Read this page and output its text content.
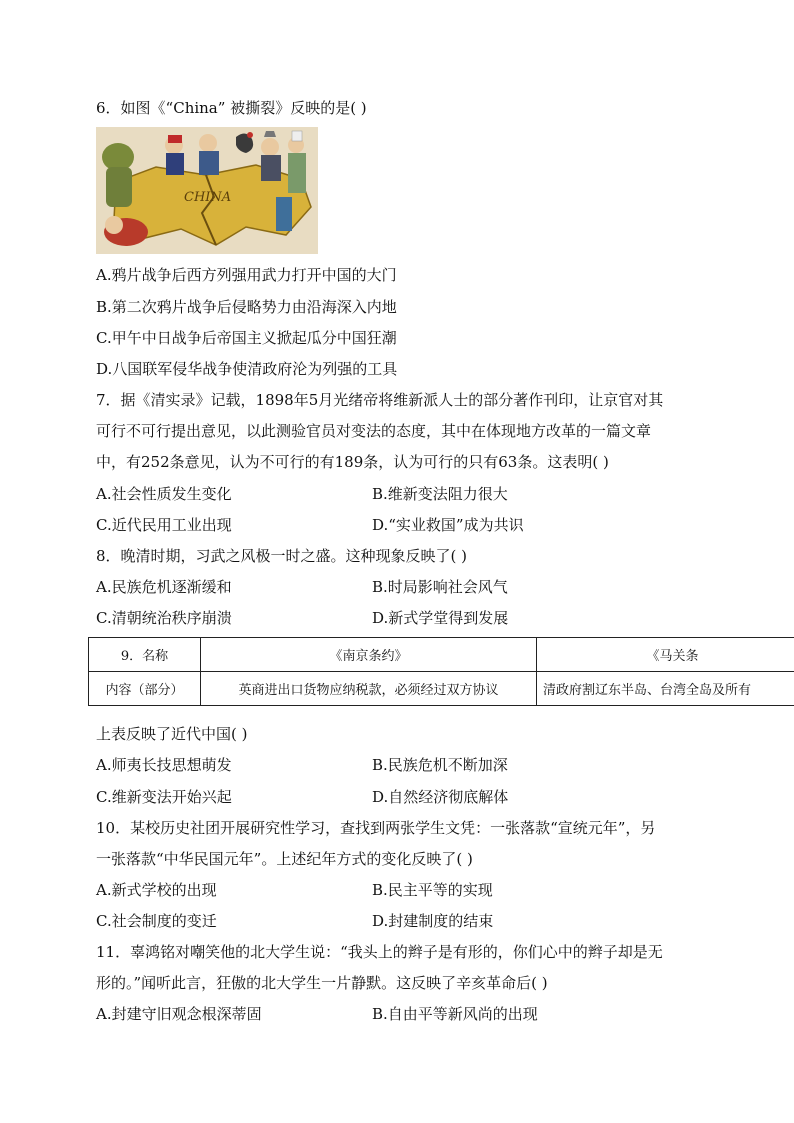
6．如图《“China” 被撕裂》反映的是( )
CHINA
A.鸦片战争后西方列强用武力打开中国的大门
B.第二次鸦片战争后侵略势力由沿海深入内地
C.甲午中日战争后帝国主义掀起瓜分中国狂潮
D.八国联军侵华战争使清政府沦为列强的工具
7．据《清实录》记载，1898年5月光绪帝将维新派人士的部分著作刊印，让京官对其
可行不可行提出意见，以此测验官员对变法的态度，其中在体现地方改革的一篇文章
中，有252条意见，认为不可行的有189条，认为可行的只有63条。这表明( )
A.社会性质发生变化	B.维新变法阻力很大
C.近代民用工业出现	D.“实业救国”成为共识
8．晚清时期，习武之风极一时之盛。这种现象反映了( )
A.民族危机逐渐缓和	B.时局影响社会风气
C.清朝统治秩序崩溃	D.新式学堂得到发展
9．名称	《南京条约》	《马关条
内容（部分）	英商进出口货物应纳税款，必须经过双方协议	清政府割辽东半岛、台湾全岛及所有
上表反映了近代中国( )
A.师夷长技思想萌发	B.民族危机不断加深
C.维新变法开始兴起	D.自然经济彻底解体
10．某校历史社团开展研究性学习，查找到两张学生文凭：一张落款“宣统元年”，另
一张落款“中华民国元年”。上述纪年方式的变化反映了( )
A.新式学校的出现	B.民主平等的实现
C.社会制度的变迁	D.封建制度的结束
11．辜鸿铭对嘲笑他的北大学生说：“我头上的辫子是有形的，你们心中的辫子却是无
形的。”闻听此言，狂傲的北大学生一片静默。这反映了辛亥革命后( )
A.封建守旧观念根深蒂固	B.自由平等新风尚的出现
